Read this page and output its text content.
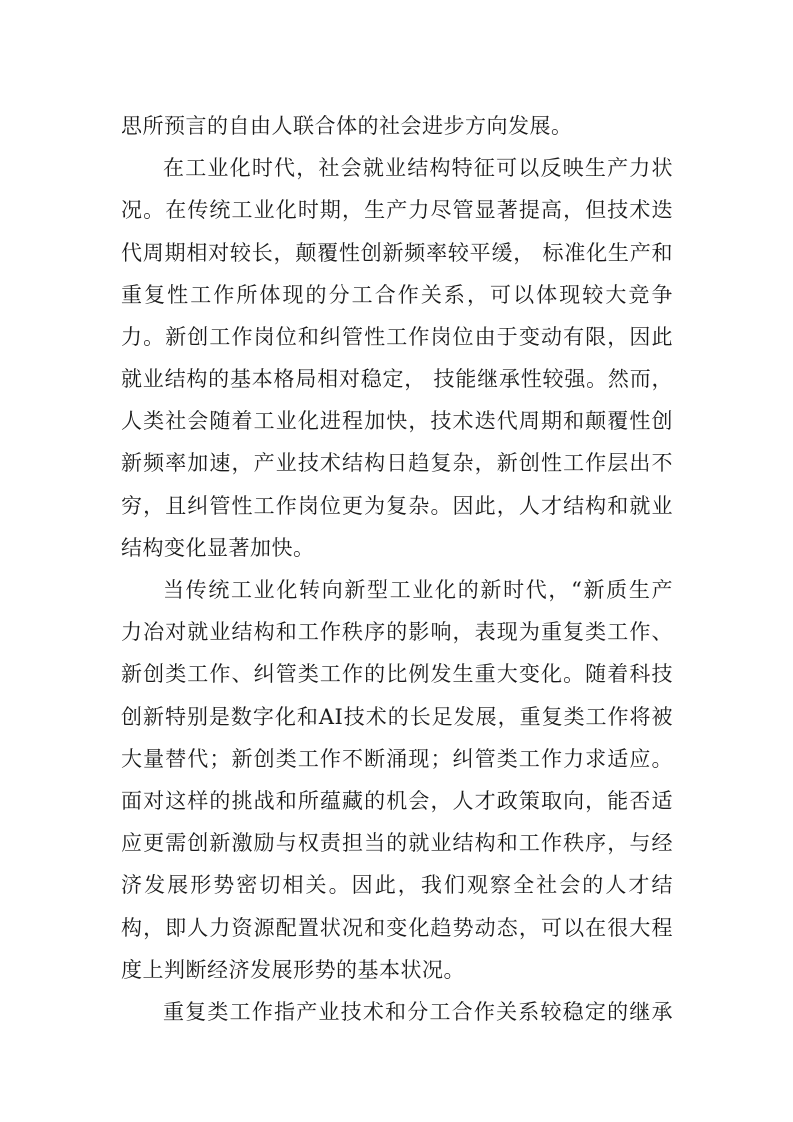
思所预言的自由人联合体的社会进步方向发展。
在工业化时代，社会就业结构特征可以反映生产力状
况。在传统工业化时期，生产力尽管显著提高，但技术迭
代周期相对较长，颠覆性创新频率较平缓， 标准化生产和
重复性工作所体现的分工合作关系，可以体现较大竞争
力。新创工作岗位和纠管性工作岗位由于变动有限，因此
就业结构的基本格局相对稳定， 技能继承性较强。然而，
人类社会随着工业化进程加快，技术迭代周期和颠覆性创
新频率加速，产业技术结构日趋复杂，新创性工作层出不
穷，且纠管性工作岗位更为复杂。因此，人才结构和就业
结构变化显著加快。
当传统工业化转向新型工业化的新时代，“新质生产
力冶对就业结构和工作秩序的影响，表现为重复类工作、
新创类工作、纠管类工作的比例发生重大变化。随着科技
创新特别是数字化和AI技术的长足发展，重复类工作将被
大量替代；新创类工作不断涌现；纠管类工作力求适应。
面对这样的挑战和所蕴藏的机会，人才政策取向，能否适
应更需创新激励与权责担当的就业结构和工作秩序，与经
济发展形势密切相关。因此，我们观察全社会的人才结
构，即人力资源配置状况和变化趋势动态，可以在很大程
度上判断经济发展形势的基本状况。
重复类工作指产业技术和分工合作关系较稳定的继承
